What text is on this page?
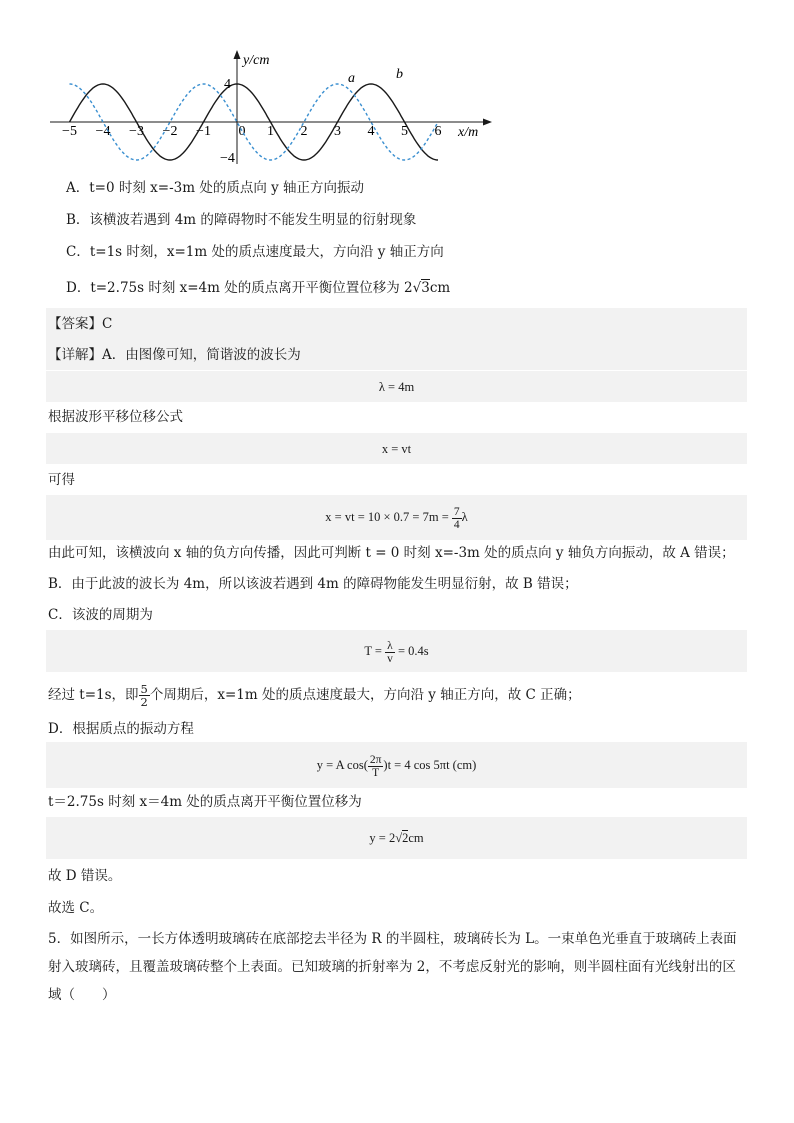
−5 −4 −3 −2 −1 0 1 2 3 4 5 6
y/cm
x/m
4
−4
a	b
A．t=0 时刻 x=-3m 处的质点向 y 轴正方向振动
B．该横波若遇到 4m 的障碍物时不能发生明显的衍射现象
C．t=1s 时刻，x=1m 处的质点速度最大，方向沿 y 轴正方向
D．t=2.75s 时刻 x=4m 处的质点离开平衡位置位移为 2√3cm
【答案】C
【详解】A．由图像可知，简谐波的波长为
λ = 4m
根据波形平移位移公式
x = vt
可得
x = vt = $10 \times 0.7 = 7m = \frac{7}{4}$ λ
由此可知，该横波向 x 轴的负方向传播，因此可判断 t = 0 时刻 x=-3m 处的质点向 y 轴负方向振动，故 A 错误；
B．由于此波的波长为 4m，所以该波若遇到 4m 的障碍物能发生明显衍射，故 B 错误；
C．该波的周期为
$T = \frac{\lambda}{v} = 0.4s$
经过 t=1s，即 $\frac{5}{2}$ 个周期后，x=1m 处的质点速度最大，方向沿 y 轴正方向，故 C 正确；
D．根据质点的振动方程
y = A $\cos( \frac{2\pi}{T} )t = 4$ cos 5πt (cm)
t＝2.75s 时刻 x＝4m 处的质点离开平衡位置位移为
y = 2√2cm
故 D 错误。
故选 C。
5．如图所示，一长方体透明玻璃砖在底部挖去半径为 R 的半圆柱，玻璃砖长为 L。一束单色光垂直于玻璃砖上表面射入玻璃砖，且覆盖玻璃砖整个上表面。已知玻璃的折射率为 2，不考虑反射光的影响，则半圆柱面有光线射出的区域（　　）
